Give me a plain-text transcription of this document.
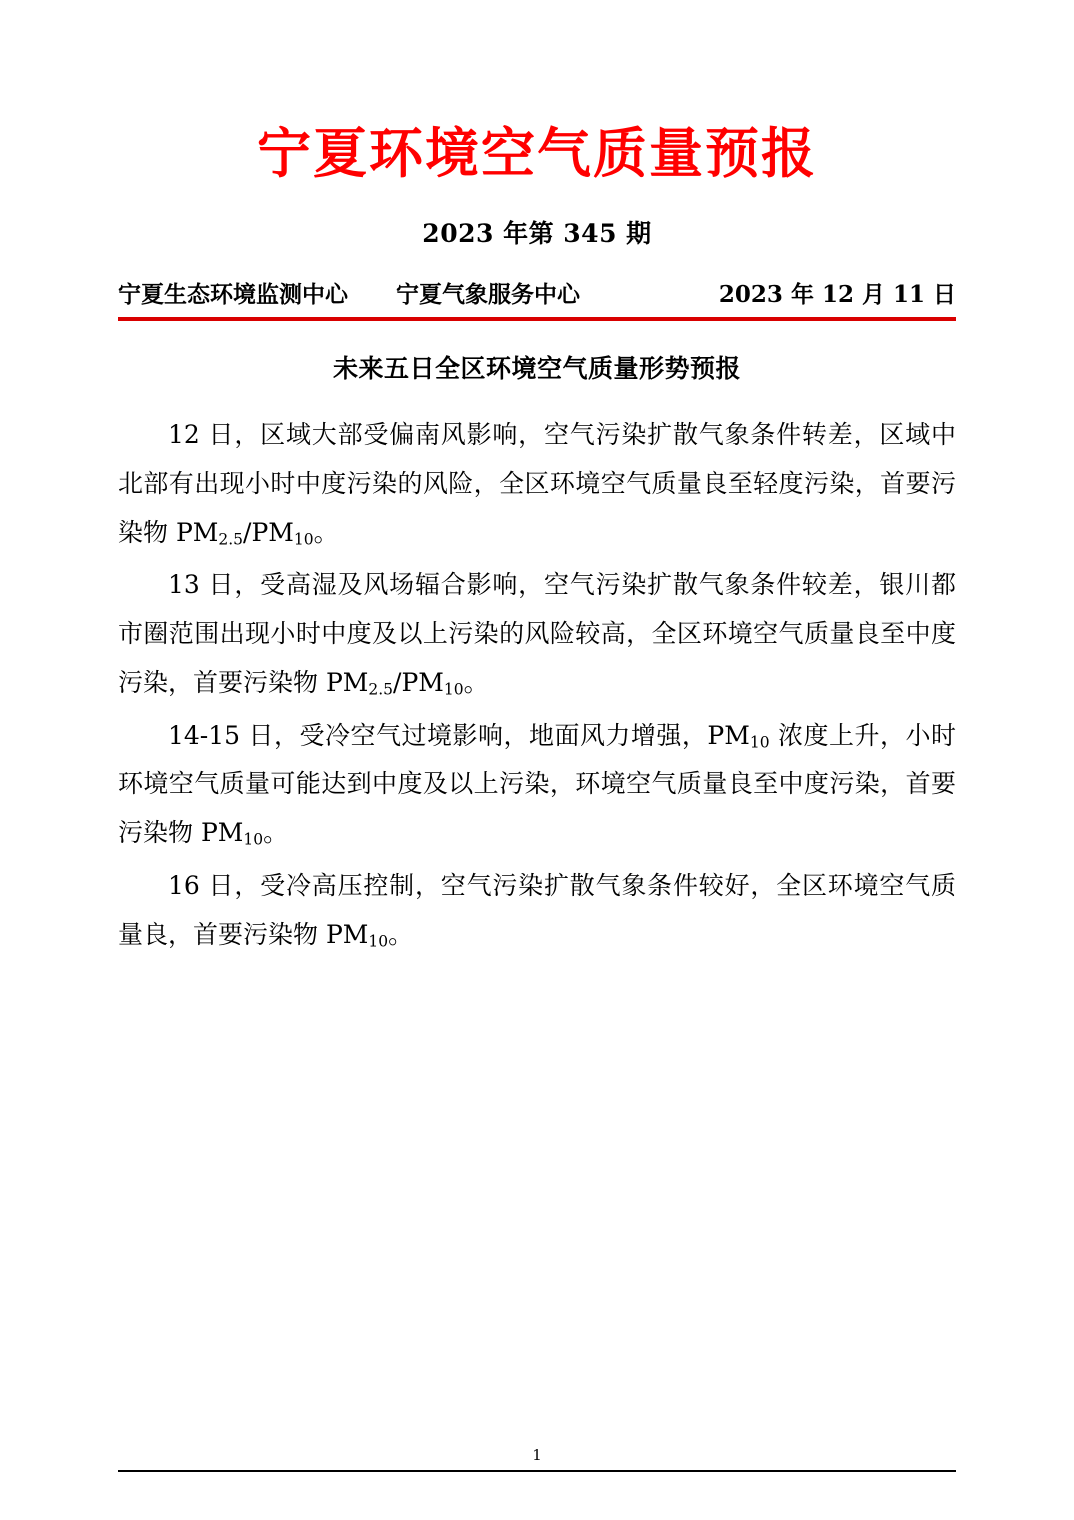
宁夏环境空气质量预报
2023 年第 345 期
宁夏生态环境监测中心 宁夏气象服务中心	2023 年 12 月 11 日
未来五日全区环境空气质量形势预报

12 日，区域大部受偏南风影响，空气污染扩散气象条件转差，区域中北部有出现小时中度污染的风险，全区环境空气质量良至轻度污染，首要污染物 $PM_{2.5}/PM_{10}$。

13 日，受高湿及风场辐合影响，空气污染扩散气象条件较差，银川都市圈范围出现小时中度及以上污染的风险较高，全区环境空气质量良至中度污染，首要污染物 $PM_{2.5}/PM_{10}$。

14-15 日，受冷空气过境影响，地面风力增强，$PM_{10}$ 浓度上升，小时环境空气质量可能达到中度及以上污染，环境空气质量良至中度污染，首要污染物 $PM_{10}$。

16 日，受冷高压控制，空气污染扩散气象条件较好，全区环境空气质量良，首要污染物 $PM_{10}$。

1
